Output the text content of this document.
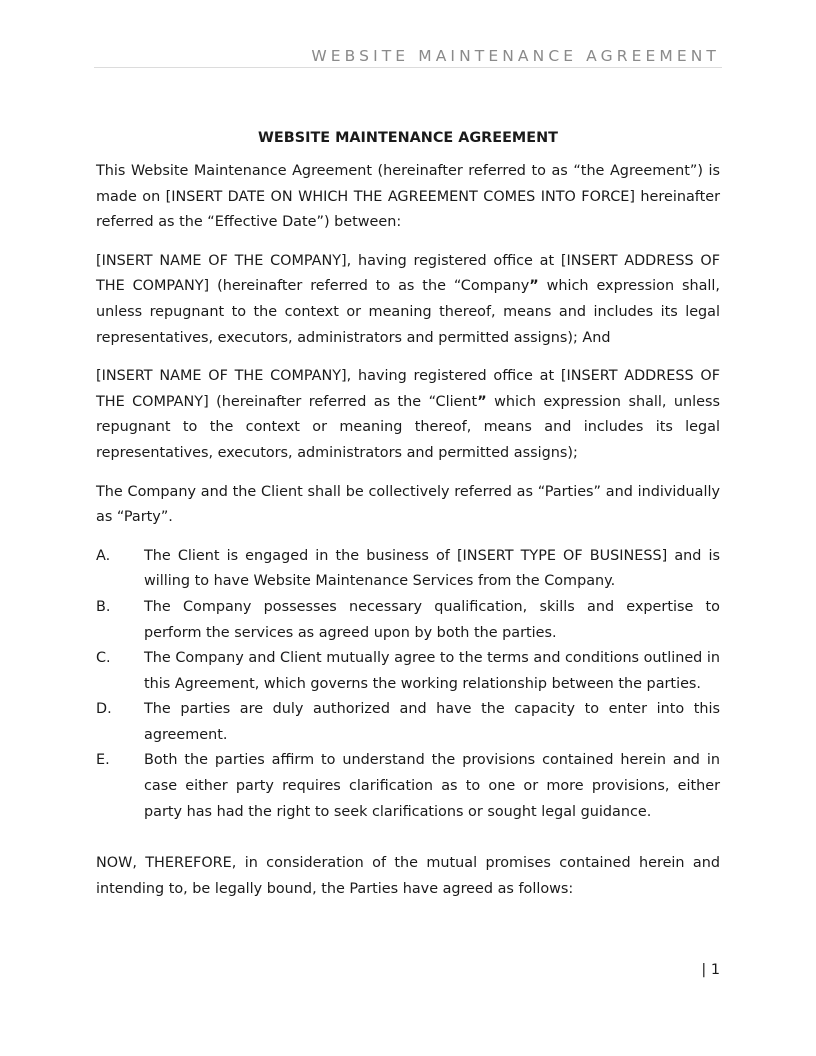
WEBSITE MAINTENANCE AGREEMENT
WEBSITE MAINTENANCE AGREEMENT

This Website Maintenance Agreement (hereinafter referred to as “the Agreement”) is made on [INSERT DATE ON WHICH THE AGREEMENT COMES INTO FORCE] hereinafter referred as the “Effective Date”) between:

[INSERT NAME OF THE COMPANY], having registered office at [INSERT ADDRESS OF THE COMPANY] (hereinafter referred to as the “Company” which expression shall, unless repugnant to the context or meaning thereof, means and includes its legal representatives, executors, administrators and permitted assigns); And

[INSERT NAME OF THE COMPANY], having registered office at [INSERT ADDRESS OF THE COMPANY] (hereinafter referred as the “Client” which expression shall, unless repugnant to the context or meaning thereof, means and includes its legal representatives, executors, administrators and permitted assigns);

The Company and the Client shall be collectively referred as “Parties” and individually as “Party”.

A.	The Client is engaged in the business of [INSERT TYPE OF BUSINESS] and is willing to have Website Maintenance Services from the Company.
B.	The Company possesses necessary qualification, skills and expertise to perform the services as agreed upon by both the parties.
C.	The Company and Client mutually agree to the terms and conditions outlined in this Agreement, which governs the working relationship between the parties.
D.	The parties are duly authorized and have the capacity to enter into this agreement.
E.	Both the parties affirm to understand the provisions contained herein and in case either party requires clarification as to one or more provisions, either party has had the right to seek clarifications or sought legal guidance.

NOW, THEREFORE, in consideration of the mutual promises contained herein and intending to, be legally bound, the Parties have agreed as follows:

| 1
